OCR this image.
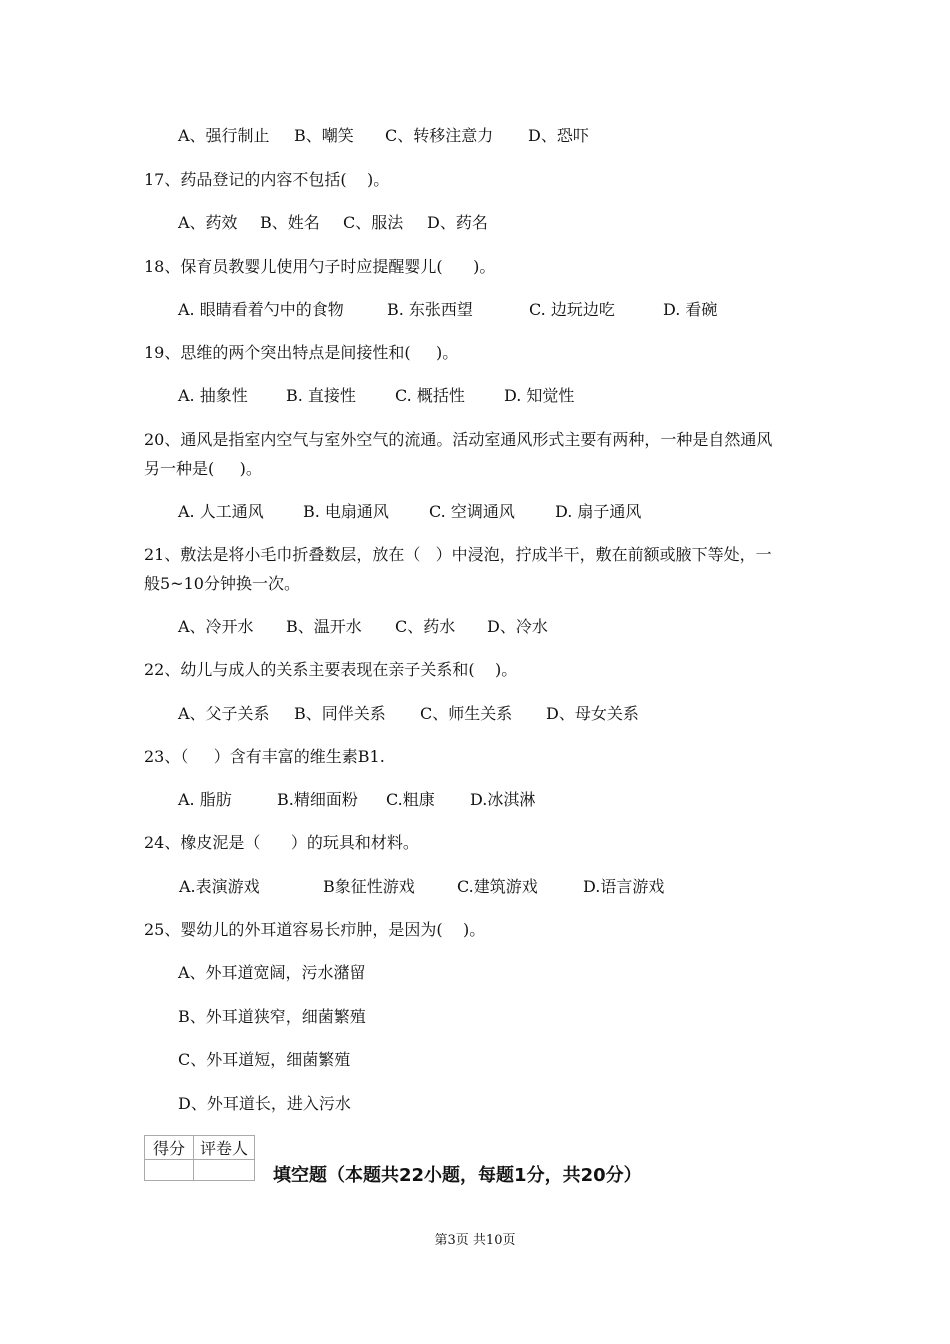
A、强行制止

B、嘲笑

C、转移注意力

D、恐吓

17、药品登记的内容不包括(    )。

A、药效

B、姓名

C、服法

D、药名

18、保育员教婴儿使用勺子时应提醒婴儿(      )。

A. 眼睛看着勺中的食物

	B. 东张西望

	C. 边玩边吃

	D. 看碗

19、思维的两个突出特点是间接性和(     )。

A. 抽象性

B. 直接性

C. 概括性

D. 知觉性

20、通风是指室内空气与室外空气的流通。活动室通风形式主要有两种，一种是自然通风
另一种是(     )。

A. 人工通风

B. 电扇通风

	C. 空调通风

	D. 扇子通风

21、敷法是将小毛巾折叠数层，放在（   ）中浸泡，拧成半干，敷在前额或腋下等处，一
般5~10分钟换一次。

A、冷开水

B、温开水

C、药水

D、冷水

22、幼儿与成人的关系主要表现在亲子关系和(    )。

A、父子关系

B、同伴关系

C、师生关系

D、母女关系

23、（     ）含有丰富的维生素B1.

A. 脂肪

	B.精细面粉

C.粗康

D.冰淇淋

24、橡皮泥是（      ）的玩具和材料。

A.表演游戏

	B象征性游戏

	C.建筑游戏

	D.语言游戏

25、婴幼儿的外耳道容易长疖肿，是因为(    )。
A、外耳道宽阔，污水潴留
B、外耳道狭窄，细菌繁殖
C、外耳道短，细菌繁殖
D、外耳道长，进入污水
得分	评卷人

填空题（本题共22小题，每题1分，共20分）
第3页 共10页
